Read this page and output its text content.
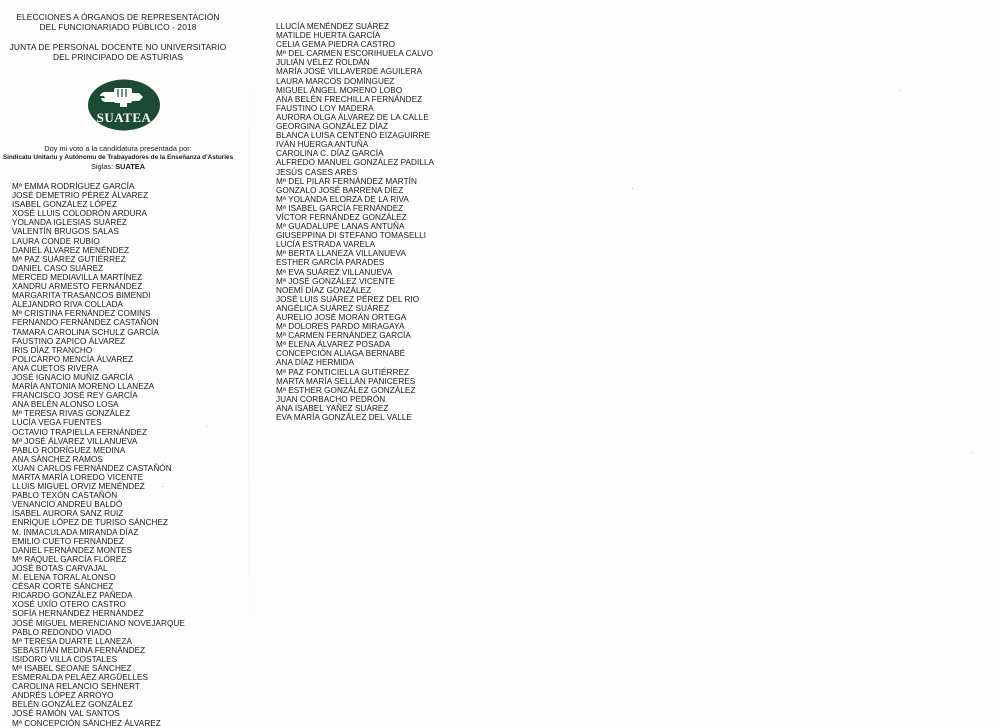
ELECCIONES A ÓRGANOS DE REPRESENTACIÓN
DEL FUNCIONARIADO PÚBLICO - 2018
JUNTA DE PERSONAL DOCENTE NO UNIVERSITARIO
DEL PRINCIPADO DE ASTURIAS
SUATEA
Doy mi voto a la candidatura presentada por:
Sindicatu Unitariu y Autónomu de Trabayadores de la Enseñanza d'Asturies
Siglas: SUATEA
Mª EMMA RODRÍGUEZ GARCÍA
JOSÉ DEMETRIO PÉREZ ÁLVAREZ
ISABEL GONZÁLEZ LÓPEZ
XOSÉ LLUIS COLODRÓN ARDURA
YOLANDA IGLESIAS SUÁREZ
VALENTÍN BRUGOS SALAS
LAURA CONDE RUBIO
DANIEL ÁLVAREZ MENÉNDEZ
Mª PAZ SUÁREZ GUTIÉRREZ
DANIEL CASO SUÁREZ
MERCED MEDIAVILLA MARTÍNEZ
XANDRU ARMESTO FERNÁNDEZ
MARGARITA TRASANCOS BIMENDI
ALEJANDRO RIVA COLLADA
Mª CRISTINA FERNÁNDEZ COMINS
FERNANDO FERNÁNDEZ CASTAÑÓN
TAMARA CAROLINA SCHULZ GARCÍA
FAUSTINO ZAPICO ÁLVAREZ
IRIS DÍAZ TRANCHO
POLICARPO MENCÍA ÁLVAREZ
ANA CUETOS RIVERA
JOSÉ IGNACIO MUÑIZ GARCÍA
MARÍA ANTONIA MORENO LLANEZA
FRANCISCO JOSÉ REY GARCÍA
ANA BELÉN ALONSO LOSA
Mª TERESA RIVAS GONZÁLEZ
LUCÍA VEGA FUENTES
OCTAVIO TRAPIELLA FERNÁNDEZ
Mª JOSÉ ÁLVAREZ VILLANUEVA
PABLO RODRÍGUEZ MEDINA
ANA SÁNCHEZ RAMOS
XUAN CARLOS FERNÁNDEZ CASTAÑÓN
MARTA MARÍA LOREDO VICENTE
LLUIS MIGUEL ORVIZ MENÉNDEZ
PABLO TEXÓN CASTAÑÓN
VENANCIO ANDREU BALDÓ
ISABEL AURORA SANZ RUIZ
ENRIQUE LÓPEZ DE TURISO SÁNCHEZ
M. INMACULADA MIRANDA DÍAZ
EMILIO CUETO FERNÁNDEZ
DANIEL FERNÁNDEZ MONTES
Mª RAQUEL GARCÍA FLÓREZ
JOSÉ BOTAS CARVAJAL
M. ELENA TORAL ALONSO
CÉSAR CORTE SÁNCHEZ
RICARDO GONZÁLEZ PAÑEDA
XOSÉ UXÍO OTERO CASTRO
SOFÍA HERNÁNDEZ HERNÁNDEZ
JOSÉ MIGUEL MERENCIANO NOVEJARQUE
PABLO REDONDO VIADO
Mª TERESA DUARTE LLANEZA
SEBASTIÁN MEDINA FERNÁNDEZ
ISIDORO VILLA COSTALES
Mª ISABEL SEOANE SÁNCHEZ
ESMERALDA PELÁEZ ARGÜELLES
CAROLINA RELANCIO SEHNERT
ANDRÉS LÓPEZ ARROYO
BELÉN GONZÁLEZ GONZÁLEZ
JOSÉ RAMÓN VAL SANTOS
Mª CONCEPCIÓN SÁNCHEZ ÁLVAREZ
LLUCÍA MENÉNDEZ SUÁREZ
MATILDE HUERTA GARCÍA
CELIA GEMA PIEDRA CASTRO
Mª DEL CARMEN ESCORIHUELA CALVO
JULIÁN VÉLEZ ROLDÁN
MARÍA JOSÉ VILLAVERDE AGUILERA
LAURA MARCOS DOMÍNGUEZ
MIGUEL ÁNGEL MORENO LOBO
ANA BELÉN FRECHILLA FERNÁNDEZ
FAUSTINO LOY MADERA
AURORA OLGA ÁLVAREZ DE LA CALLE
GEORGINA GONZÁLEZ DÍAZ
BLANCA LUISA CENTENO EIZAGUIRRE
IVÁN HUERGA ANTUÑA
CAROLINA C. DÍAZ GARCÍA
ALFREDO MANUEL GONZÁLEZ PADILLA
JESÚS CASES ARES
Mª DEL PILAR FERNÁNDEZ MARTÍN
GONZALO JOSÉ BARRENA DÍEZ
Mª YOLANDA ELORZA DE LA RIVA
Mª ISABEL GARCÍA FERNÁNDEZ
VÍCTOR FERNÁNDEZ GONZÁLEZ
Mª GUADALUPE LANAS ANTUÑA
GIUSEPPINA DI STEFANO TOMASELLI
LUCÍA ESTRADA VARELA
Mª BERTA LLANEZA VILLANUEVA
ESTHER GARCÍA PARADES
Mª EVA SUÁREZ VILLANUEVA
Mª JOSÉ GONZÁLEZ VICENTE
NOEMÍ DÍAZ GONZÁLEZ
JOSÉ LUIS SUÁREZ PÉREZ DEL RIO
ANGÉLICA SUÁREZ SUÁREZ
AURELIO JOSÉ MORÁN ORTEGA
Mª DOLORES PARDO MIRAGAYA
Mª CARMEN FERNÁNDEZ GARCÍA
Mª ELENA ÁLVAREZ POSADA
CONCEPCIÓN ALIAGA BERNABÉ
ANA DÍAZ HERMIDA
Mª PAZ FONTICIELLA GUTIÉRREZ
MARTA MARÍA SELLÁN PANICERES
Mª ESTHER GONZÁLEZ GONZÁLEZ
JUAN CORBACHO PEDRÓN
ANA ISABEL YAÑEZ SUÁREZ
EVA MARÍA GONZÁLEZ DEL VALLE
